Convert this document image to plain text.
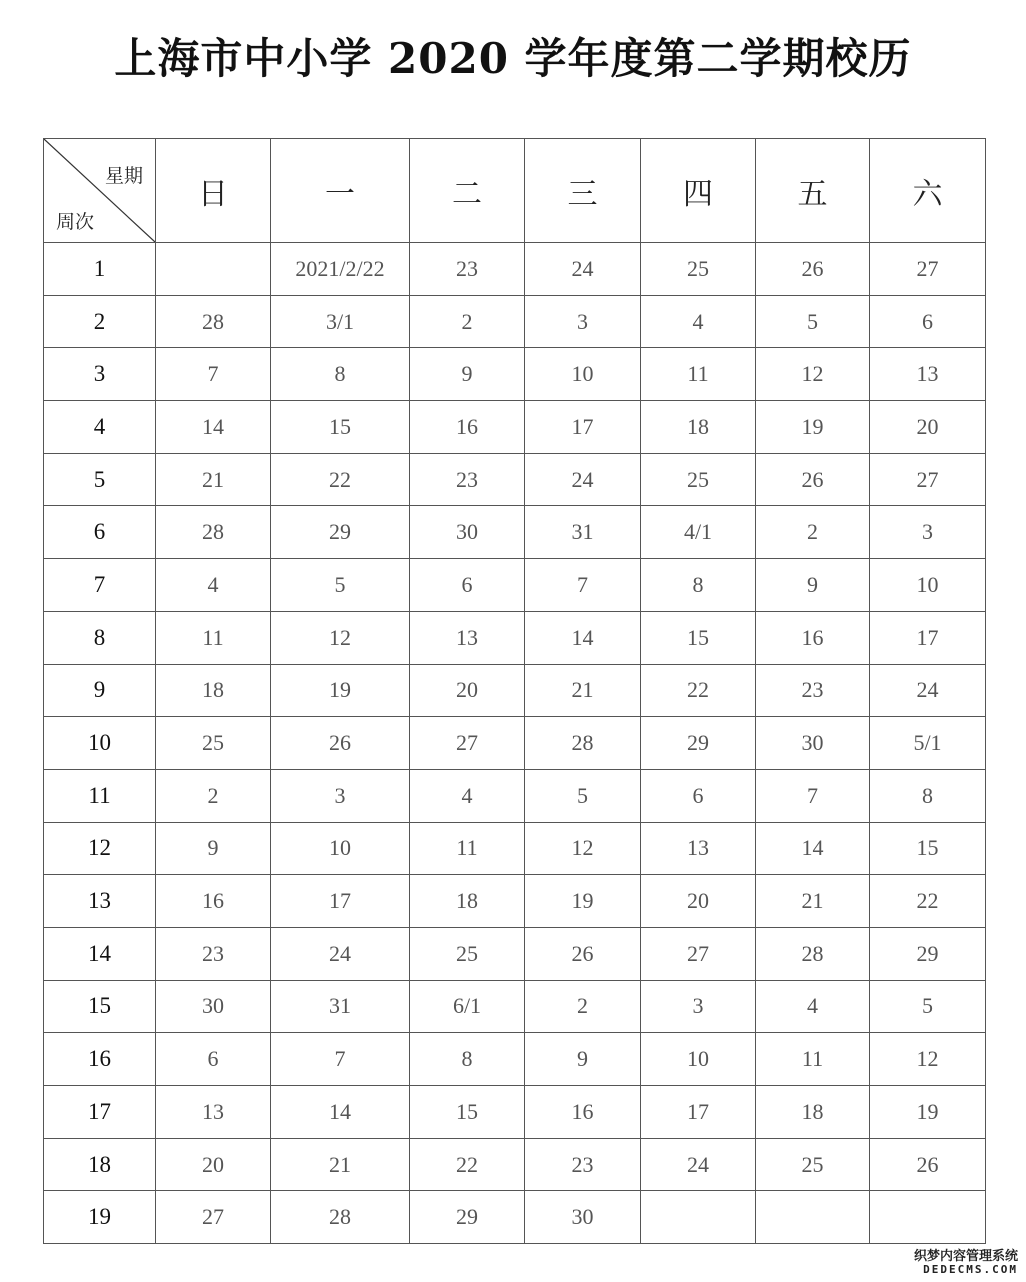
上海市中小学 2020 学年度第二学期校历
星期
周次	日	一	二	三	四	五	六
1		2021/2/22	23	24	25	26	27
2	28	3/1	2	3	4	5	6
3	7	8	9	10	11	12	13
4	14	15	16	17	18	19	20
5	21	22	23	24	25	26	27
6	28	29	30	31	4/1	2	3
7	4	5	6	7	8	9	10
8	11	12	13	14	15	16	17
9	18	19	20	21	22	23	24
10	25	26	27	28	29	30	5/1
11	2	3	4	5	6	7	8
12	9	10	11	12	13	14	15
13	16	17	18	19	20	21	22
14	23	24	25	26	27	28	29
15	30	31	6/1	2	3	4	5
16	6	7	8	9	10	11	12
17	13	14	15	16	17	18	19
18	20	21	22	23	24	25	26
19	27	28	29	30			
织梦内容管理系统
DEDECMS.COM
